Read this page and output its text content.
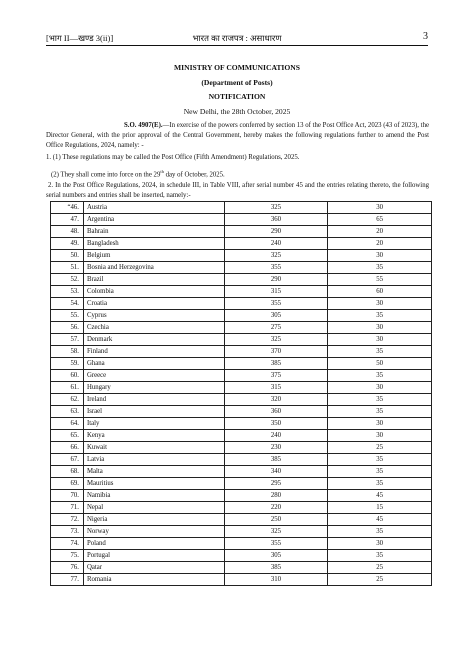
[भाग II—खण्ड 3(ii)]	भारत का राजपत्र : असाधारण	3
MINISTRY OF COMMUNICATIONS
(Department of Posts)
NOTIFICATION
New Delhi, the 28th October, 2025
S.O. 4907(E).—In exercise of the powers conferred by section 13 of the Post Office Act, 2023 (43 of 2023), the Director General, with the prior approval of the Central Government, hereby makes the following regulations further to amend the Post Office Regulations, 2024, namely: -
1. (1) These regulations may be called the Post Office (Fifth Amendment) Regulations, 2025.
(2) They shall come into force on the 29th day of October, 2025.
2. In the Post Office Regulations, 2024, in schedule III, in Table VIII, after serial number 45 and the entries relating thereto, the following serial numbers and entries shall be inserted, namely:-
“46.	Austria	325	30
47.	Argentina	360	65
48.	Bahrain	290	20
49.	Bangladesh	240	20
50.	Belgium	325	30
51.	Bosnia and Herzegovina	355	35
52.	Brazil	290	55
53.	Colombia	315	60
54.	Croatia	355	30
55.	Cyprus	305	35
56.	Czechia	275	30
57.	Denmark	325	30
58.	Finland	370	35
59.	Ghana	385	50
60.	Greece	375	35
61.	Hungary	315	30
62.	Ireland	320	35
63.	Israel	360	35
64.	Italy	350	30
65.	Kenya	240	30
66.	Kuwait	230	25
67.	Latvia	385	35
68.	Malta	340	35
69.	Mauritius	295	35
70.	Namibia	280	45
71.	Nepal	220	15
72.	Nigeria	250	45
73.	Norway	325	35
74.	Poland	355	30
75.	Portugal	305	35
76.	Qatar	385	25
77.	Romania	310	25
